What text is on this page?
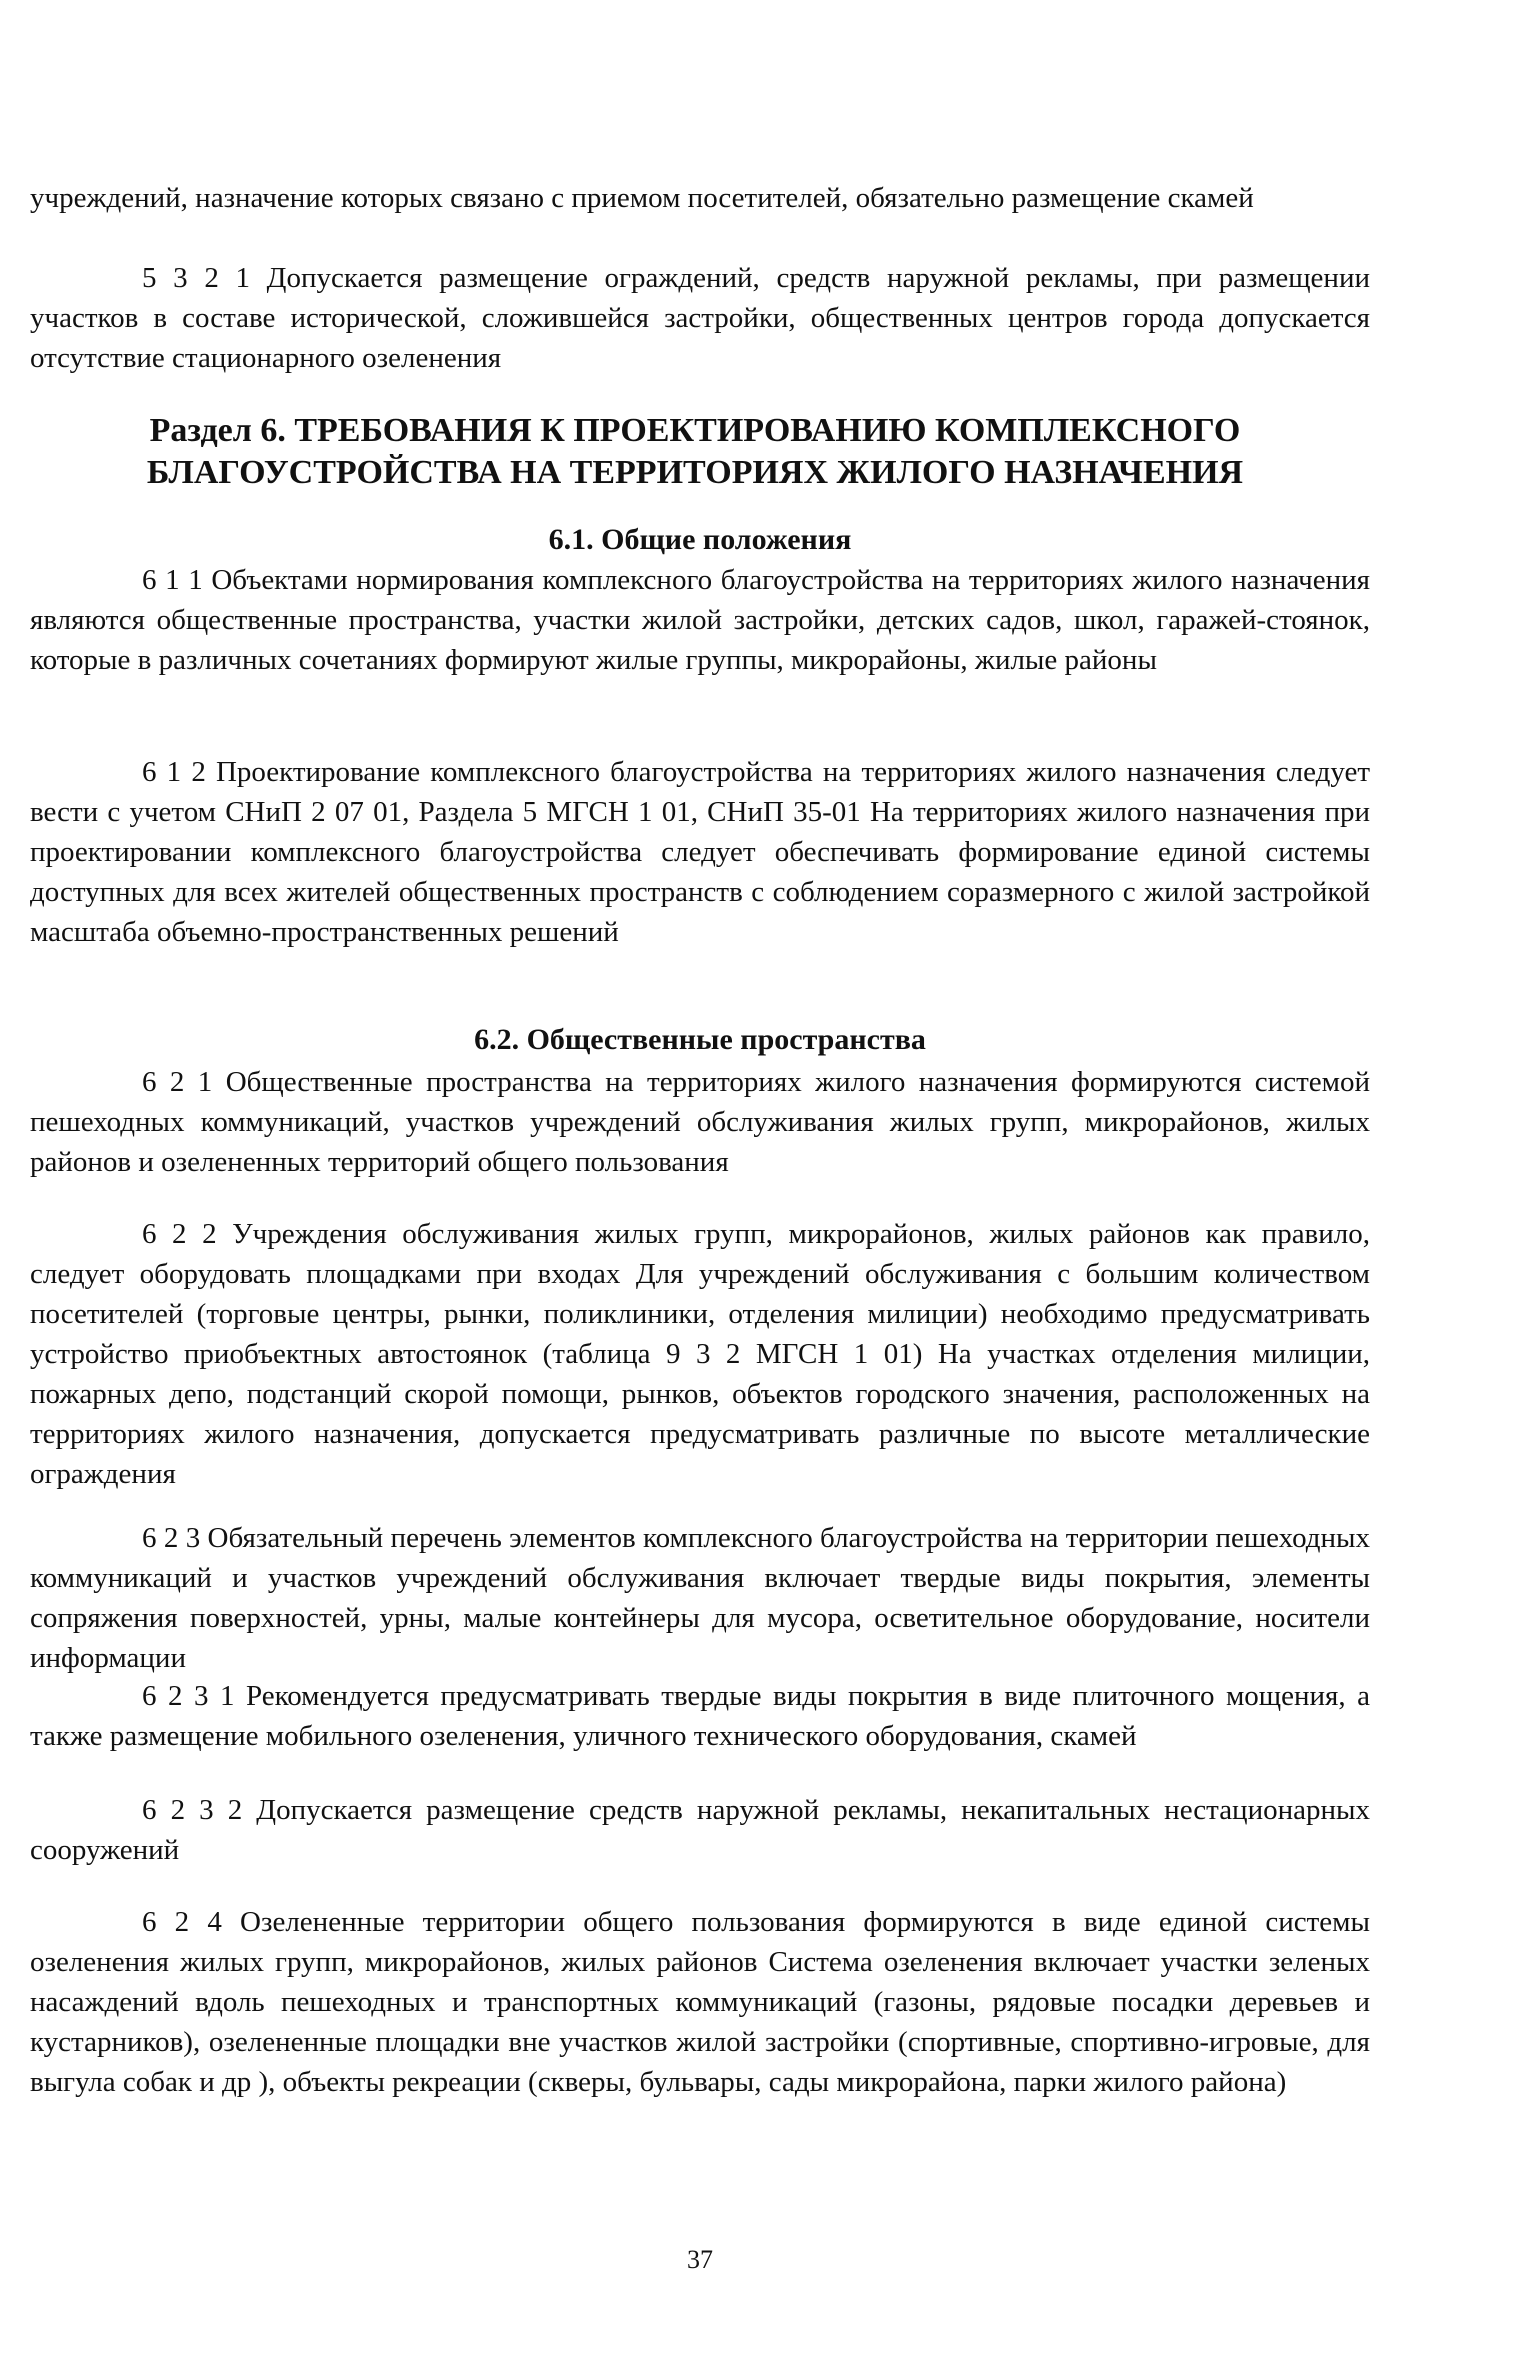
учреждений, назначение которых связано с приемом посетителей, обязательно размещение скамей

5 3 2 1 Допускается размещение ограждений, средств наружной рекламы, при размещении участков в составе исторической, сложившейся застройки, общественных центров города допускается отсутствие стационарного озеленения

Раздел 6. ТРЕБОВАНИЯ К ПРОЕКТИРОВАНИЮ КОМПЛЕКСНОГО
БЛАГОУСТРОЙСТВА НА ТЕРРИТОРИЯХ ЖИЛОГО НАЗНАЧЕНИЯ
6.1. Общие положения

6 1 1 Объектами нормирования комплексного благоустройства на территориях жилого назначения являются общественные пространства, участки жилой застройки, детских садов, школ, гаражей-стоянок, которые в различных сочетаниях формируют жилые группы, микрорайоны, жилые районы

6 1 2 Проектирование комплексного благоустройства на территориях жилого назначения следует вести с учетом СНиП 2 07 01, Раздела 5 МГСН 1 01, СНиП 35-01 На территориях жилого назначения при проектировании комплексного благоустройства следует обеспечивать формирование единой системы доступных для всех жителей общественных пространств с соблюдением соразмерного с жилой застройкой масштаба объемно-пространственных решений

6.2. Общественные пространства

6 2 1 Общественные пространства на территориях жилого назначения формируются системой пешеходных коммуникаций, участков учреждений обслуживания жилых групп, микрорайонов, жилых районов и озелененных территорий общего пользования

6 2 2 Учреждения обслуживания жилых групп, микрорайонов, жилых районов как правило, следует оборудовать площадками при входах Для учреждений обслуживания с большим количеством посетителей (торговые центры, рынки, поликлиники, отделения милиции) необходимо предусматривать устройство приобъектных автостоянок (таблица 9 3 2 МГСН 1 01) На участках отделения милиции, пожарных депо, подстанций скорой помощи, рынков, объектов городского значения, расположенных на территориях жилого назначения, допускается предусматривать различные по высоте металлические ограждения

6 2 3 Обязательный перечень элементов комплексного благоустройства на территории пешеходных коммуникаций и участков учреждений обслуживания включает твердые виды покрытия, элементы сопряжения поверхностей, урны, малые контейнеры для мусора, осветительное оборудование, носители информации

6 2 3 1 Рекомендуется предусматривать твердые виды покрытия в виде плиточного мощения, а также размещение мобильного озеленения, уличного технического оборудования, скамей

6 2 3 2 Допускается размещение средств наружной рекламы, некапитальных нестационарных сооружений

6 2 4 Озелененные территории общего пользования формируются в виде единой системы озеленения жилых групп, микрорайонов, жилых районов Система озеленения включает участки зеленых насаждений вдоль пешеходных и транспортных коммуникаций (газоны, рядовые посадки деревьев и кустарников), озелененные площадки вне участков жилой застройки (спортивные, спортивно-игровые, для выгула собак и др ), объекты рекреации (скверы, бульвары, сады микрорайона, парки жилого района)

37
